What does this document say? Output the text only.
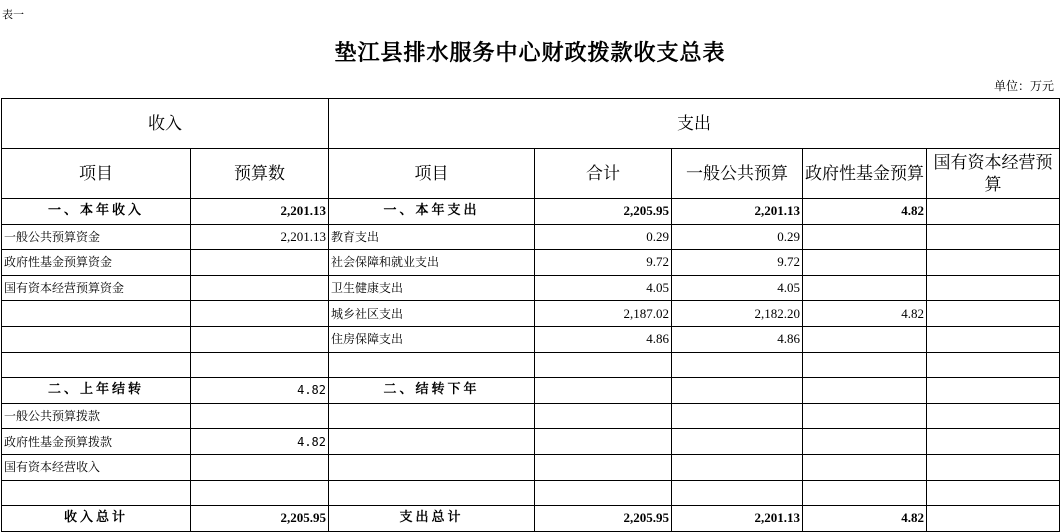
表一
垫江县排水服务中心财政拨款收支总表
单位：万元
收入		支出				
项目	预算数	项目	合计	一般公共预算	政府性基金预算	国有资本经营预算
一、本年收入	2,201.13	一、本年支出	2,205.95	2,201.13	4.82	
一般公共预算资金	2,201.13	教育支出	0.29	0.29		
政府性基金预算资金		社会保障和就业支出	9.72	9.72		
国有资本经营预算资金		卫生健康支出	4.05	4.05		
		城乡社区支出	2,187.02	2,182.20	4.82	
		住房保障支出	4.86	4.86		

二、上年结转	4.82	二、结转下年				
一般公共预算拨款						
政府性基金预算拨款	4.82					
国有资本经营收入						

收入总计	2,205.95	支出总计	2,205.95	2,201.13	4.82	
